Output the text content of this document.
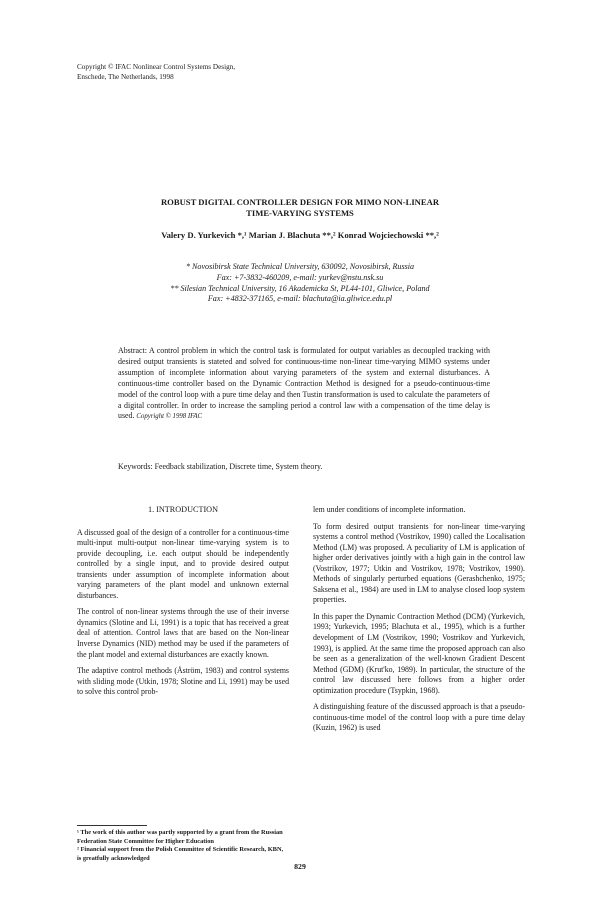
Copyright © IFAC Nonlinear Control Systems Design,
Enschede, The Netherlands, 1998
ROBUST DIGITAL CONTROLLER DESIGN FOR MIMO NON-LINEAR
TIME-VARYING SYSTEMS
Valery D. Yurkevich *,¹ Marian J. Blachuta **,² Konrad Wojciechowski **,²

* Novosibirsk State Technical University, 630092, Novosibirsk, Russia

Fax: +7-3832-460209, e-mail: yurkev@nstu.nsk.su

** Silesian Technical University, 16 Akademicka St, PL44-101, Gliwice, Poland

Fax: +4832-371165, e-mail: blachuta@ia.gliwice.edu.pl

Abstract: A control problem in which the control task is formulated for output variables as decoupled tracking with desired output transients is stateted and solved for continuous-time non-linear time-varying MIMO systems under assumption of incomplete information about varying parameters of the system and external disturbances. A continuous-time controller based on the Dynamic Contraction Method is designed for a pseudo-continuous-time model of the control loop with a pure time delay and then Tustin transformation is used to calculate the parameters of a digital controller. In order to increase the sampling period a control law with a compensation of the time delay is used. Copyright © 1998 IFAC
Keywords: Feedback stabilization, Discrete time, System theory.

1. INTRODUCTION

A discussed goal of the design of a controller for a continuous-time multi-input multi-output non-linear time-varying system is to provide decoupling, i.e. each output should be independently controlled by a single input, and to provide desired output transients under assumption of incomplete information about varying parameters of the plant model and unknown external disturbances.

The control of non-linear systems through the use of their inverse dynamics (Slotine and Li, 1991) is a topic that has received a great deal of attention. Control laws that are based on the Non-linear Inverse Dynamics (NID) method may be used if the parameters of the plant model and external disturbances are exactly known.

The adaptive control methods (Åström, 1983) and control systems with sliding mode (Utkin, 1978; Slotine and Li, 1991) may be used to solve this control prob-

lem under conditions of incomplete information.

To form desired output transients for non-linear time-varying systems a control method (Vostrikov, 1990) called the Localisation Method (LM) was proposed. A peculiarity of LM is application of higher order derivatives jointly with a high gain in the control law (Vostrikov, 1977; Utkin and Vostrikov, 1978; Vostrikov, 1990). Methods of singularly perturbed equations (Gerashchenko, 1975; Saksena et al., 1984) are used in LM to analyse closed loop system properties.

In this paper the Dynamic Contraction Method (DCM) (Yurkevich, 1993; Yurkevich, 1995; Blachuta et al., 1995), which is a further development of LM (Vostrikov, 1990; Vostrikov and Yurkevich, 1993), is applied. At the same time the proposed approach can also be seen as a generalization of the well-known Gradient Descent Method (GDM) (Krut'ko, 1989). In particular, the structure of the control law discussed here follows from a higher order optimization procedure (Tsypkin, 1968).

A distinguishing feature of the discussed approach is that a pseudo-continuous-time model of the control loop with a pure time delay (Kuzin, 1962) is used

¹ The work of this author was partly supported by a grant from the Russian Federation State Committee for Higher Education

² Financial support from the Polish Committee of Scientific Research, KBN, is greatfully acknowledged

829
